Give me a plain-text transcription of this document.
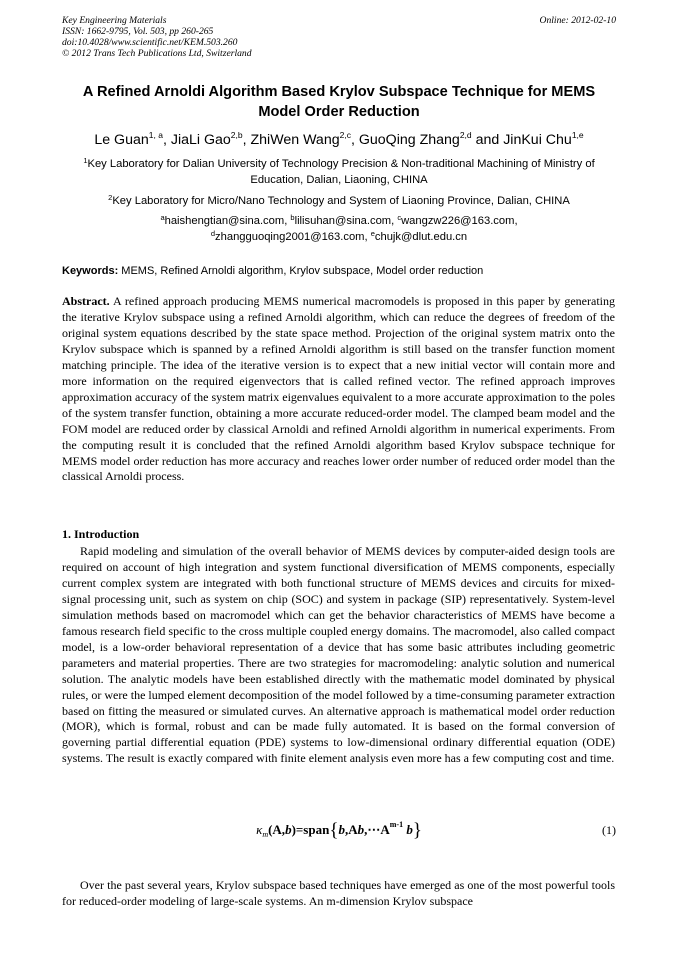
Key Engineering Materials
ISSN: 1662-9795, Vol. 503, pp 260-265
doi:10.4028/www.scientific.net/KEM.503.260
© 2012 Trans Tech Publications Ltd, Switzerland
Online: 2012-02-10
A Refined Arnoldi Algorithm Based Krylov Subspace Technique for MEMS Model Order Reduction
Le Guan$^{1, a}$, JiaLi Gao$^{2,b}$, ZhiWen Wang$^{2,c}$, GuoQing Zhang$^{2,d}$ and JinKui Chu$^{1,e}$
$^1$Key Laboratory for Dalian University of Technology Precision & Non-traditional Machining of Ministry of Education, Dalian, Liaoning, CHINA
$^2$Key Laboratory for Micro/Nano Technology and System of Liaoning Province, Dalian, CHINA
$^a$haishengtian@sina.com, $^b$lilisuhan@sina.com, $^c$wangzw226@163.com,
$^d$zhangguoqing2001@163.com, $^e$chujk@dlut.edu.cn
Keywords: MEMS, Refined Arnoldi algorithm, Krylov subspace, Model order reduction
Abstract. A refined approach producing MEMS numerical macromodels is proposed in this paper by generating the iterative Krylov subspace using a refined Arnoldi algorithm, which can reduce the degrees of freedom of the original system equations described by the state space method. Projection of the original system matrix onto the Krylov subspace which is spanned by a refined Arnoldi algorithm is still based on the transfer function moment matching principle. The idea of the iterative version is to expect that a new initial vector will contain more and more information on the required eigenvectors that is called refined vector. The refined approach improves approximation accuracy of the system matrix eigenvalues equivalent to a more accurate approximation to the poles of the system transfer function, obtaining a more accurate reduced-order model. The clamped beam model and the FOM model are reduced order by classical Arnoldi and refined Arnoldi algorithm in numerical experiments. From the computing result it is concluded that the refined Arnoldi algorithm based Krylov subspace technique for MEMS model order reduction has more accuracy and reaches lower order number of reduced order model than the classical Arnoldi process.
1. Introduction
Rapid modeling and simulation of the overall behavior of MEMS devices by computer-aided design tools are required on account of high integration and system functional diversification of MEMS components, especially current complex system are integrated with both functional structure of MEMS devices and circuits for mixed-signal processing unit, such as system on chip (SOC) and system in package (SIP) representatively. System-level simulation methods based on macromodel which can get the behavior characteristics of MEMS have become a famous research field specific to the cross multiple coupled energy domains. The macromodel, also called compact model, is a low-order behavioral representation of a device that has some basic attributes including geometric parameters and material properties. There are two strategies for macromodeling: analytic solution and numerical solution. The analytic models have been established directly with the mathematic model dominated by physical rules, or were the lumped element decomposition of the model followed by a time-consuming parameter extraction based on fitting the measured or simulated curves. An alternative approach is mathematical model order reduction (MOR), which is formal, robust and can be made fully automated. It is based on the formal conversion of governing partial differential equation (PDE) systems to low-dimensional ordinary differential equation (ODE) systems. The result is exactly compared with finite element analysis even more has a few computing cost and time.
$\kappa_m(A,b)=span\{b,Ab,\cdots A^{m-1}$ b}	(1)
Over the past several years, Krylov subspace based techniques have emerged as one of the most powerful tools for reduced-order modeling of large-scale systems. An m-dimension Krylov subspace
